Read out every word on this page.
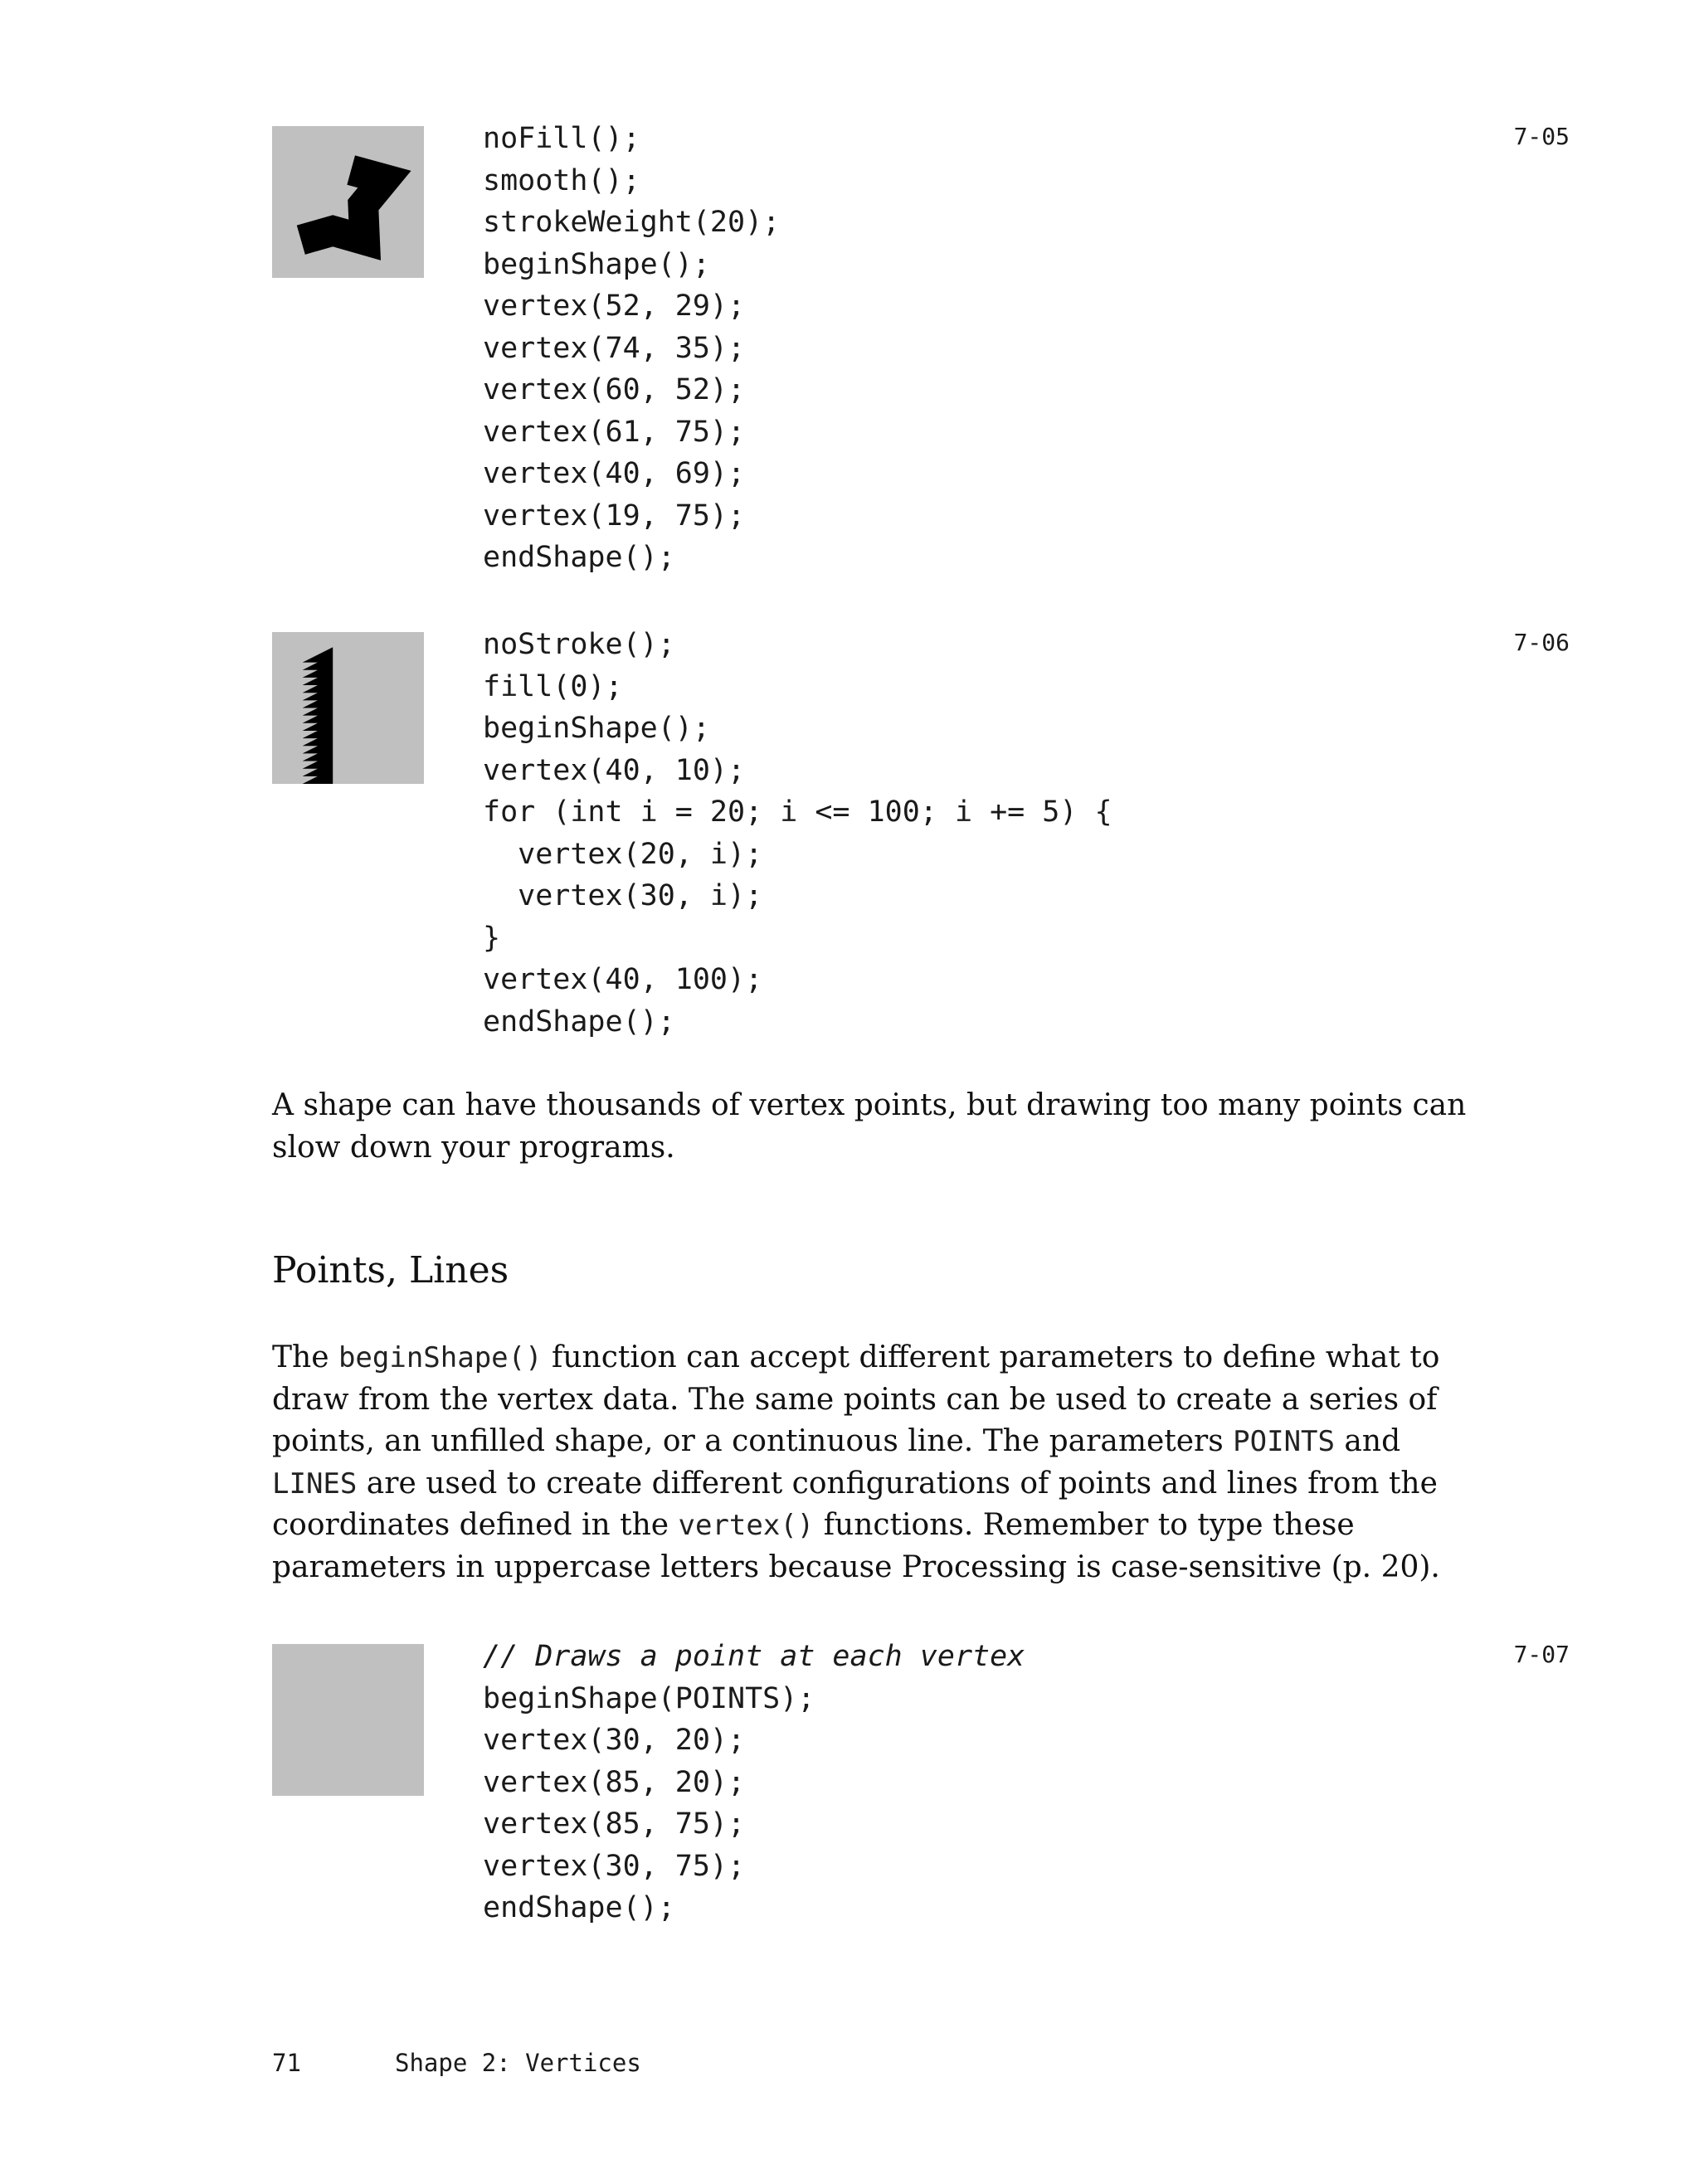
noFill();
smooth();
strokeWeight(20);
beginShape();
vertex(52, 29);
vertex(74, 35);
vertex(60, 52);
vertex(61, 75);
vertex(40, 69);
vertex(19, 75);
endShape();
7-05
noStroke();
fill(0);
beginShape();
vertex(40, 10);
for (int i = 20; i <= 100; i += 5) {
vertex(20, i);
vertex(30, i);
}
vertex(40, 100);
endShape();
7-06

A shape can have thousands of vertex points, but drawing too many points can slow down your programs.

Points, Lines

The beginShape() function can accept different parameters to define what to draw from the vertex data. The same points can be used to create a series of points, an unfilled shape, or a continuous line. The parameters POINTS and LINES are used to create different configurations of points and lines from the coordinates defined in the vertex() functions. Remember to type these parameters in uppercase letters because Processing is case-sensitive (p. 20).

// Draws a point at each vertex
beginShape(POINTS);
vertex(30, 20);
vertex(85, 20);
vertex(85, 75);
vertex(30, 75);
endShape();
7-07
71	Shape 2: Vertices
